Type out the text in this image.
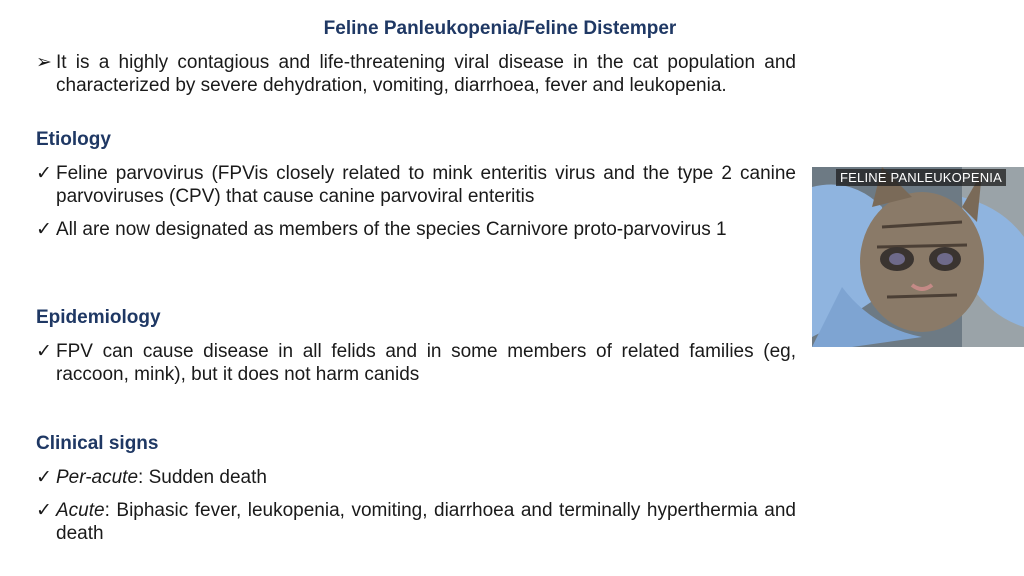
Feline Panleukopenia/Feline Distemper
➢ It is a highly contagious and life-threatening viral disease in the cat population and characterized by severe dehydration, vomiting, diarrhoea, fever and leukopenia.
Etiology
✓ Feline parvovirus (FPVis closely related to mink enteritis virus and the type 2 canine parvoviruses (CPV) that cause canine parvoviral enteritis
✓ All are now designated as members of the species Carnivore proto-parvovirus 1
Epidemiology
✓ FPV can cause disease in all felids and in some members of related families (eg, raccoon, mink), but it does not harm canids
Clinical signs
✓ Per-acute: Sudden death
✓ Acute: Biphasic fever, leukopenia, vomiting, diarrhoea and terminally hyperthermia and death
FELINE PANLEUKOPENIA
